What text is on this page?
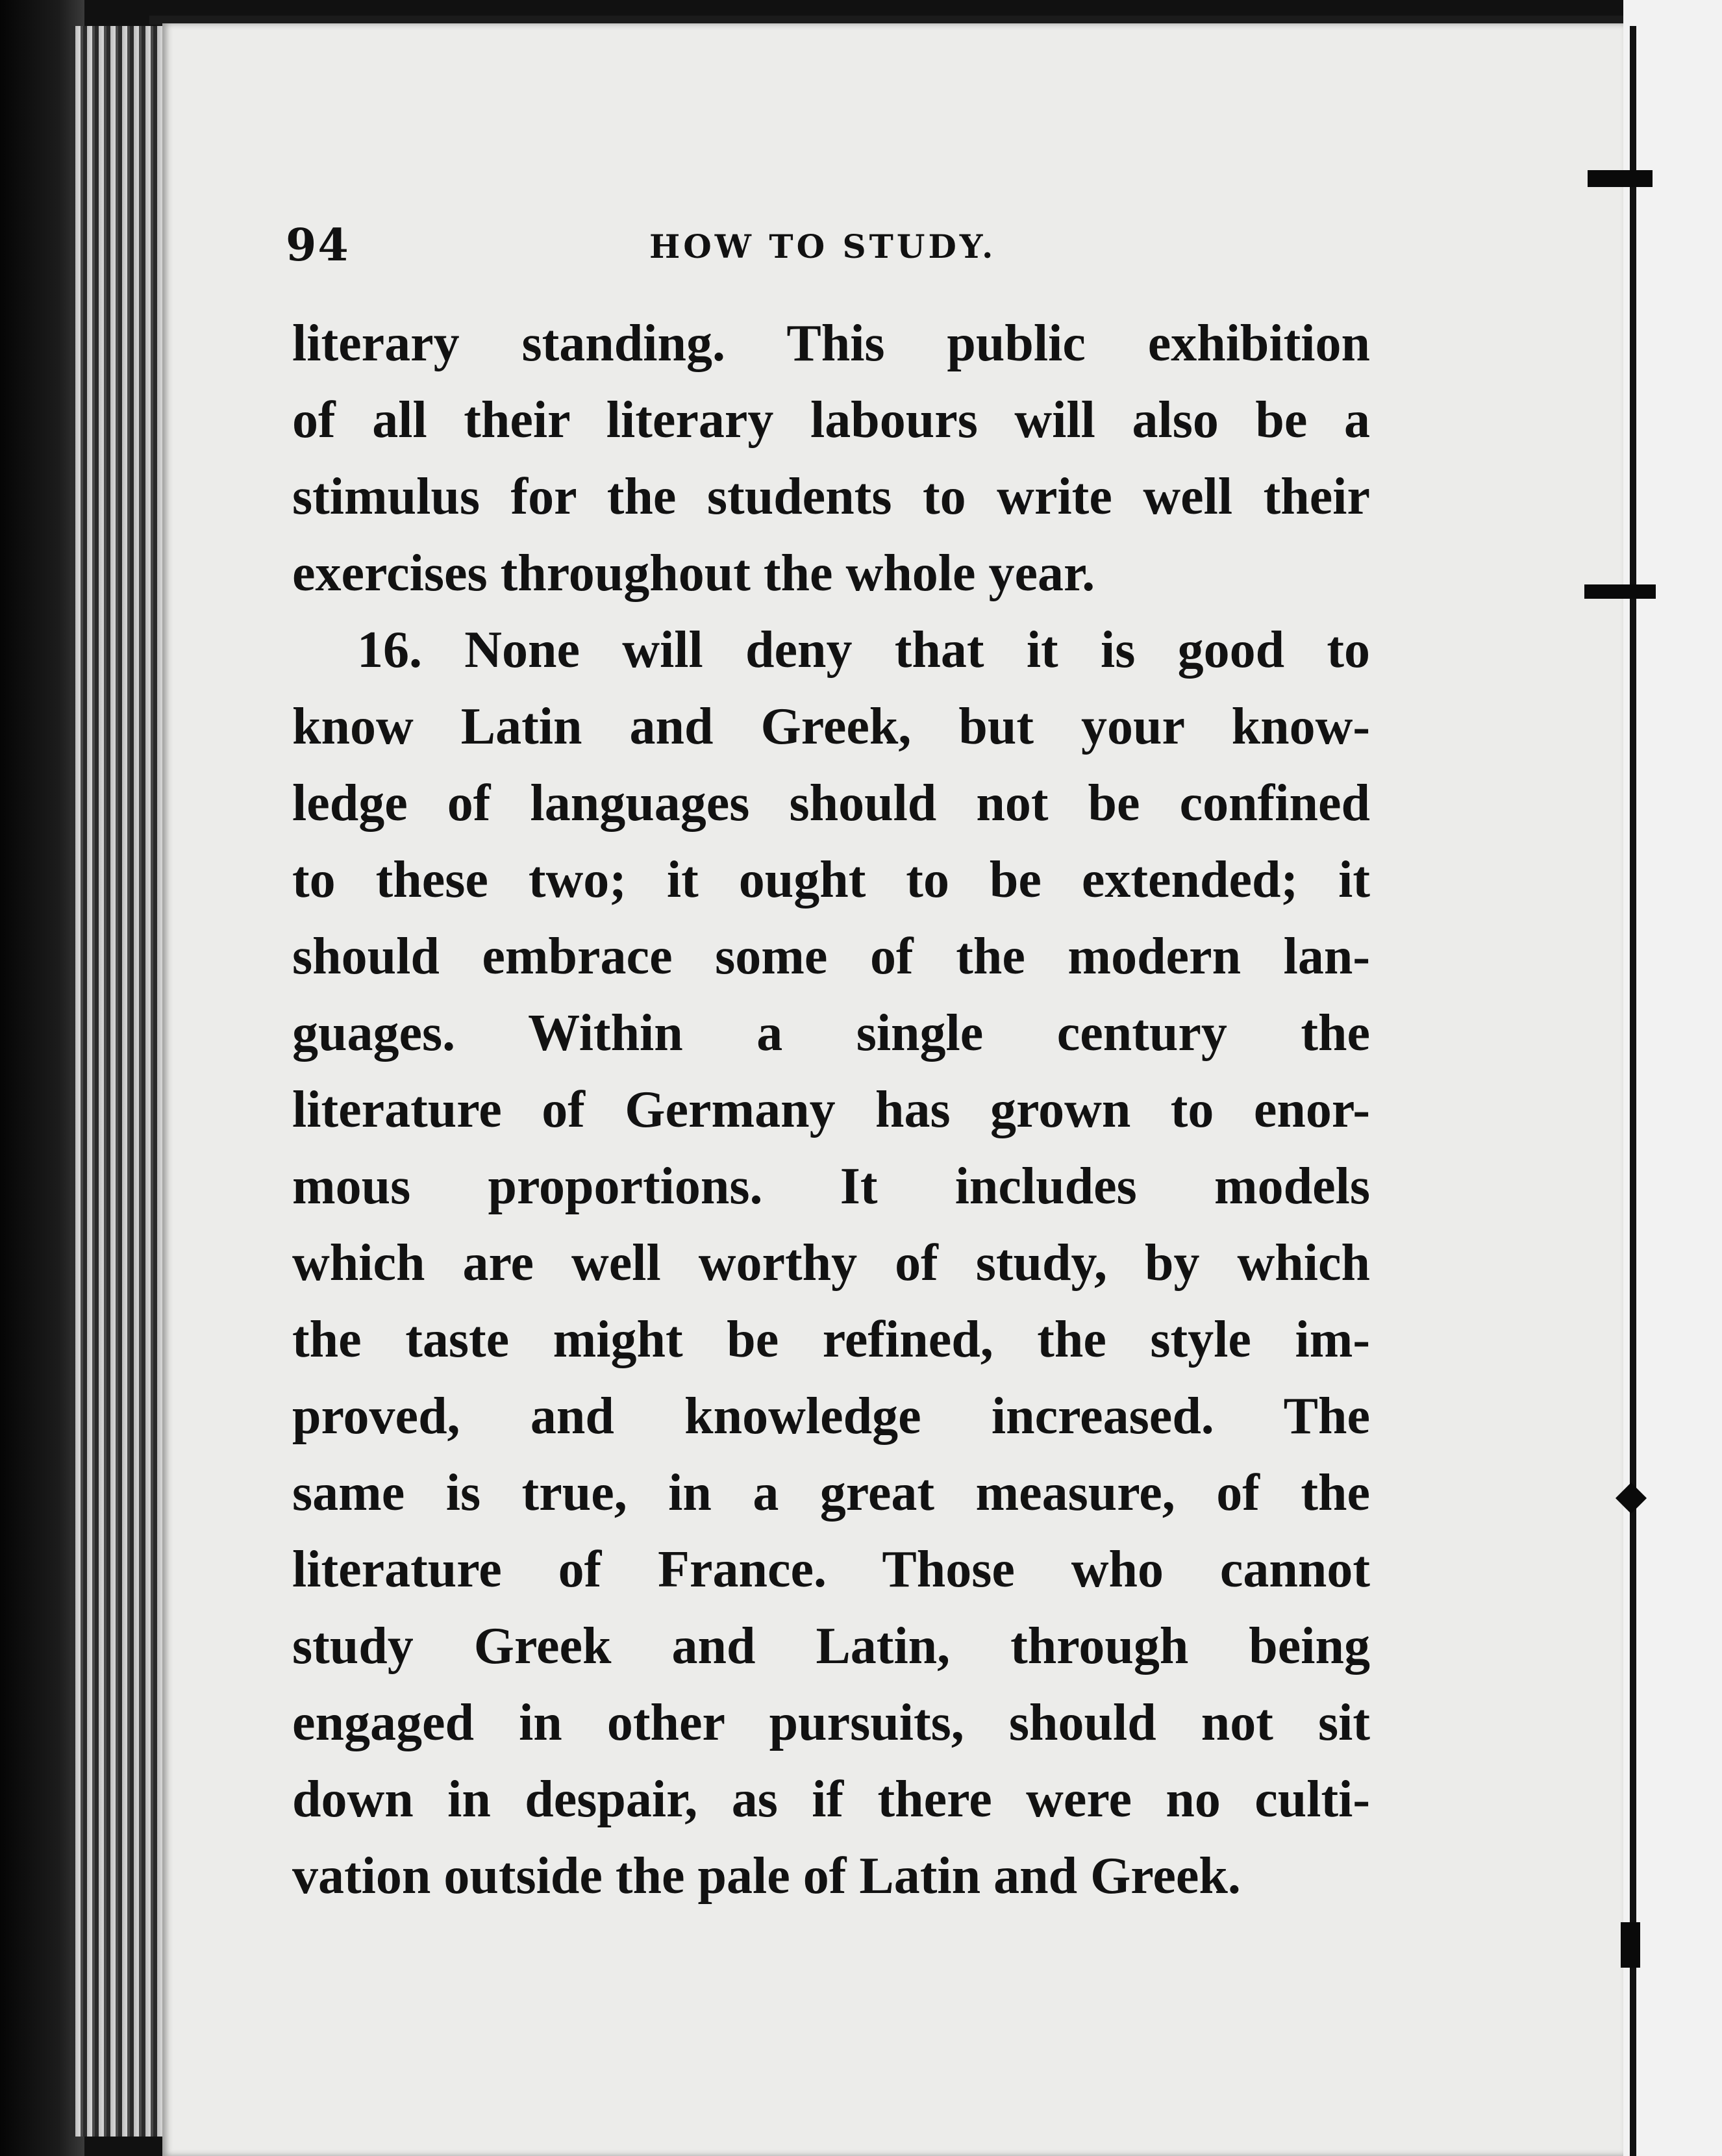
94	HOW TO STUDY.
literary standing. This public exhibition
of all their literary labours will also be a
stimulus for the students to write well their
exercises throughout the whole year.
16. None will deny that it is good to
know Latin and Greek, but your know-
ledge of languages should not be confined
to these two; it ought to be extended; it
should embrace some of the modern lan-
guages. Within a single century the
literature of Germany has grown to enor-
mous proportions. It includes models
which are well worthy of study, by which
the taste might be refined, the style im-
proved, and knowledge increased. The
same is true, in a great measure, of the
literature of France. Those who cannot
study Greek and Latin, through being
engaged in other pursuits, should not sit
down in despair, as if there were no culti-
vation outside the pale of Latin and Greek.
